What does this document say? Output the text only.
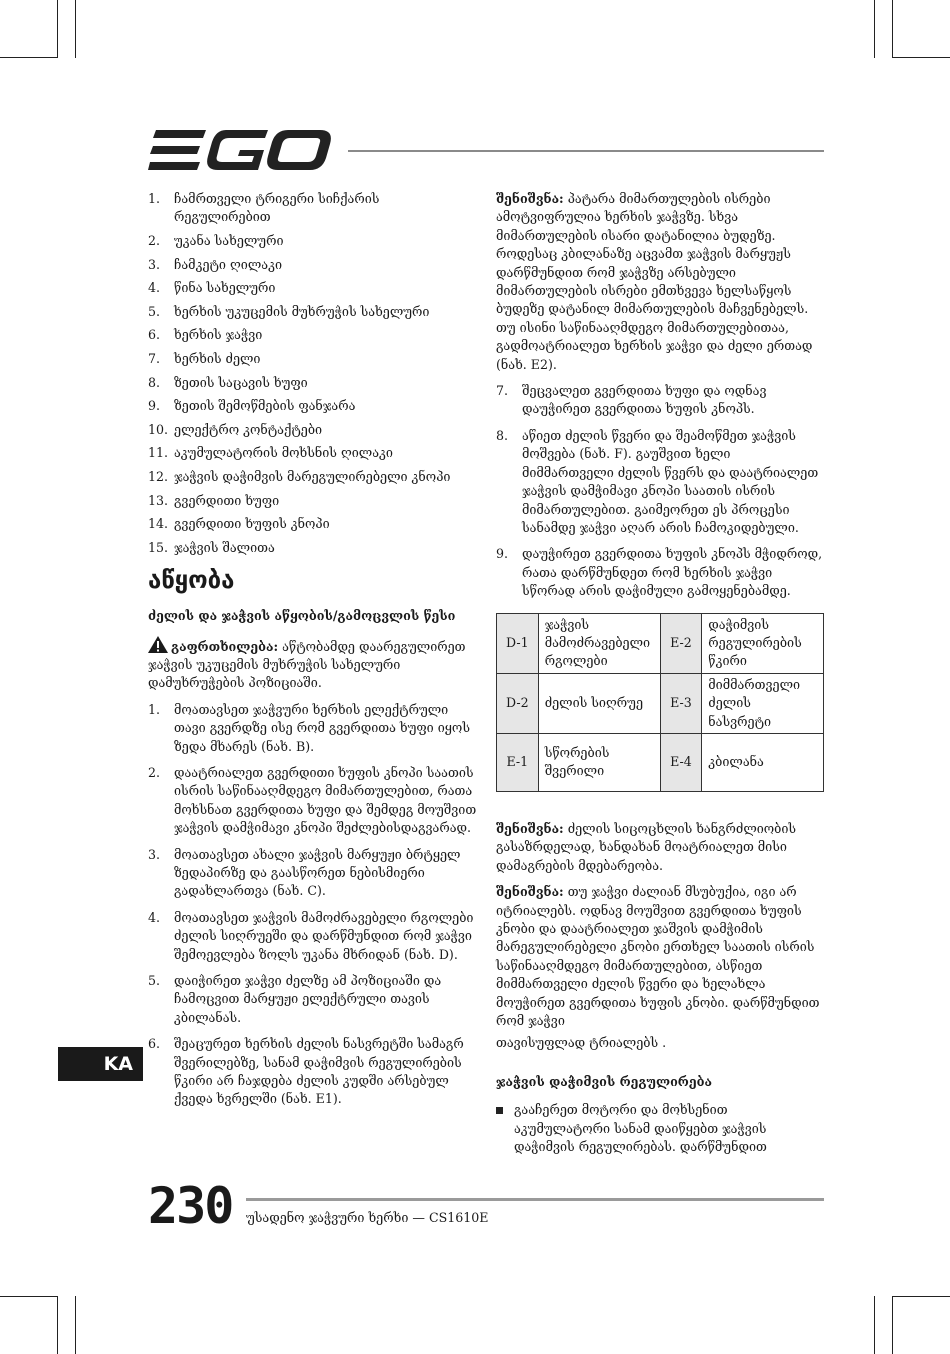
1.	ჩამრთველი ტრიგერი სიჩქარის რეგულირებით
2.	უკანა სახელური
3.	ჩამკეტი ღილაკი
4.	წინა სახელური
5.	ხერხის უკუცემის მუხრუჭის სახელური
6.	ხერხის ჯაჭვი
7.	ხერხის ძელი
8.	ზეთის საცავის ხუფი
9.	ზეთის შემოწმების ფანჯარა
10. ელექტრო კონტაქტები
11. აკუმულატორის მოხსნის ღილაკი
12. ჯაჭვის დაჭიმვის მარეგულირებელი კნოპი
13. გვერდითი ხუფი
14. გვერდითი ხუფის კნოპი
15. ჯაჭვის შალითა
აწყობა
ძელის და ჯაჭვის აწყობის/გამოცვლის წესი

გაფრთხილება: აწტობამდე დაარეგულირეთ ჯაჭვის უკუცემის მუხრუჭის სახელური დამუხრუჭების პოზიციაში.

1.	მოათავსეთ ჯაჭვური ხერხის ელექტრული თავი გვერდზე ისე რომ გვერდითა ხუფი იყოს ზედა მხარეს (ნახ. B).
2.	დაატრიალეთ გვერდითი ხუფის კნოპი საათის ისრის საწინააღმდეგო მიმართულებით, რათა მოხსნათ გვერდითა ხუფი და შემდეგ მოუშვით ჯაჭვის დამჭიმავი კნოპი შეძლებისდაგვარად.
3.	მოათავსეთ ახალი ჯაჭვის მარყუჟი ბრტყელ ზედაპირზე და გაასწორეთ ნებისმიერი გადახლართვა (ნახ. C).
4.	მოათავსეთ ჯაჭვის მამოძრავებელი რგოლები ძელის სიღრუეში და დარწმუნდით რომ ჯაჭვი შემოევლება ზოლს უკანა მხრიდან (ნახ. D).
5.	დაიჭირეთ ჯაჭვი ძელზე ამ პოზიციაში და ჩამოცვით მარყუჟი ელექტრული თავის კბილანას.
6.	შეაცურეთ ხერხის ძელის ნასვრეტში სამაგრ შვერილებზე, სანამ დაჭიმვის რეგულირების წკირი არ ჩაჯდება ძელის კუდში არსებულ ქვედა ხვრელში (ნახ. E1).

შენიშვნა: პატარა მიმართულების ისრები ამოტვიფრულია ხერხის ჯაჭვზე. სხვა მიმართულების ისარი დატანილია ბუდეზე. როდესაც კბილანაზე აცვამთ ჯაჭვის მარყუჟს დარწმუნდით რომ ჯაჭვზე არსებული მიმართულების ისრები ემთხვევა ხელსაწყოს ბუდეზე დატანილ მიმართულების მაჩვენებელს. თუ ისინი საწინააღმდეგო მიმართულებითაა, გადმოატრიალეთ ხერხის ჯაჭვი და ძელი ერთად (ნახ. E2).

7.	შეცვალეთ გვერდითა ხუფი და ოდნავ დაუჭირეთ გვერდითა ხუფის კნოპს.
8.	აწიეთ ძელის წვერი და შეამოწმეთ ჯაჭვის მოშვება (ნახ. F). გაუშვით ხელი მიმმართველი ძელის წვერს და დაატრიალეთ ჯაჭვის დამჭიმავი კნოპი საათის ისრის მიმართულებით. გაიმეორეთ ეს პროცესი სანამდე ჯაჭვი აღარ არის ჩამოკიდებული.
9.	დაუჭირეთ გვერდითა ხუფის კნოპს მჭიდროდ, რათა დარწმუნდეთ რომ ხერხის ჯაჭვი სწორად არის დაჭიმული გამოყენებამდე.
D-1	ჯაჭვის მამოძრავებელი რგოლები	E-2	დაჭიმვის რეგულირების წკირი
D-2	ძელის სიღრუე	E-3	მიმმართველი ძელის ნასვრეტი
E-1	სწორების შვერილი	E-4	კბილანა

შენიშვნა: ძელის სიცოცხლის ხანგრძლიობის გასაზრდელად, ხანდახან მოატრიალეთ მისი დამაგრების მდებარეობა.

შენიშვნა: თუ ჯაჭვი ძალიან მსუბუქია, იგი არ იტრიალებს. ოდნავ მოუშვით გვერდითა ხუფის კნობი და დაატრიალეთ ჯაშვის დამჭიმის მარეგულირებელი კნობი ერთხელ საათის ისრის საწინააღმდეგო მიმართულებით, ასწიეთ მიმმართველი ძელის წვერი და ხელახლა მოუჭირეთ გვერდითა ხუფის კნობი. დარწმუნდით რომ ჯაჭვი

თავისუფლად ტრიალებს .

ჯაჭვის დაჭიმვის რეგულირება
გააჩერეთ მოტორი და მოხსენით აკუმულატორი სანამ დაიწყებთ ჯაჭვის დაჭიმვის რეგულირებას. დარწმუნდით
KA
230 უსადენო ჯაჭვური ხერხი — CS1610E
